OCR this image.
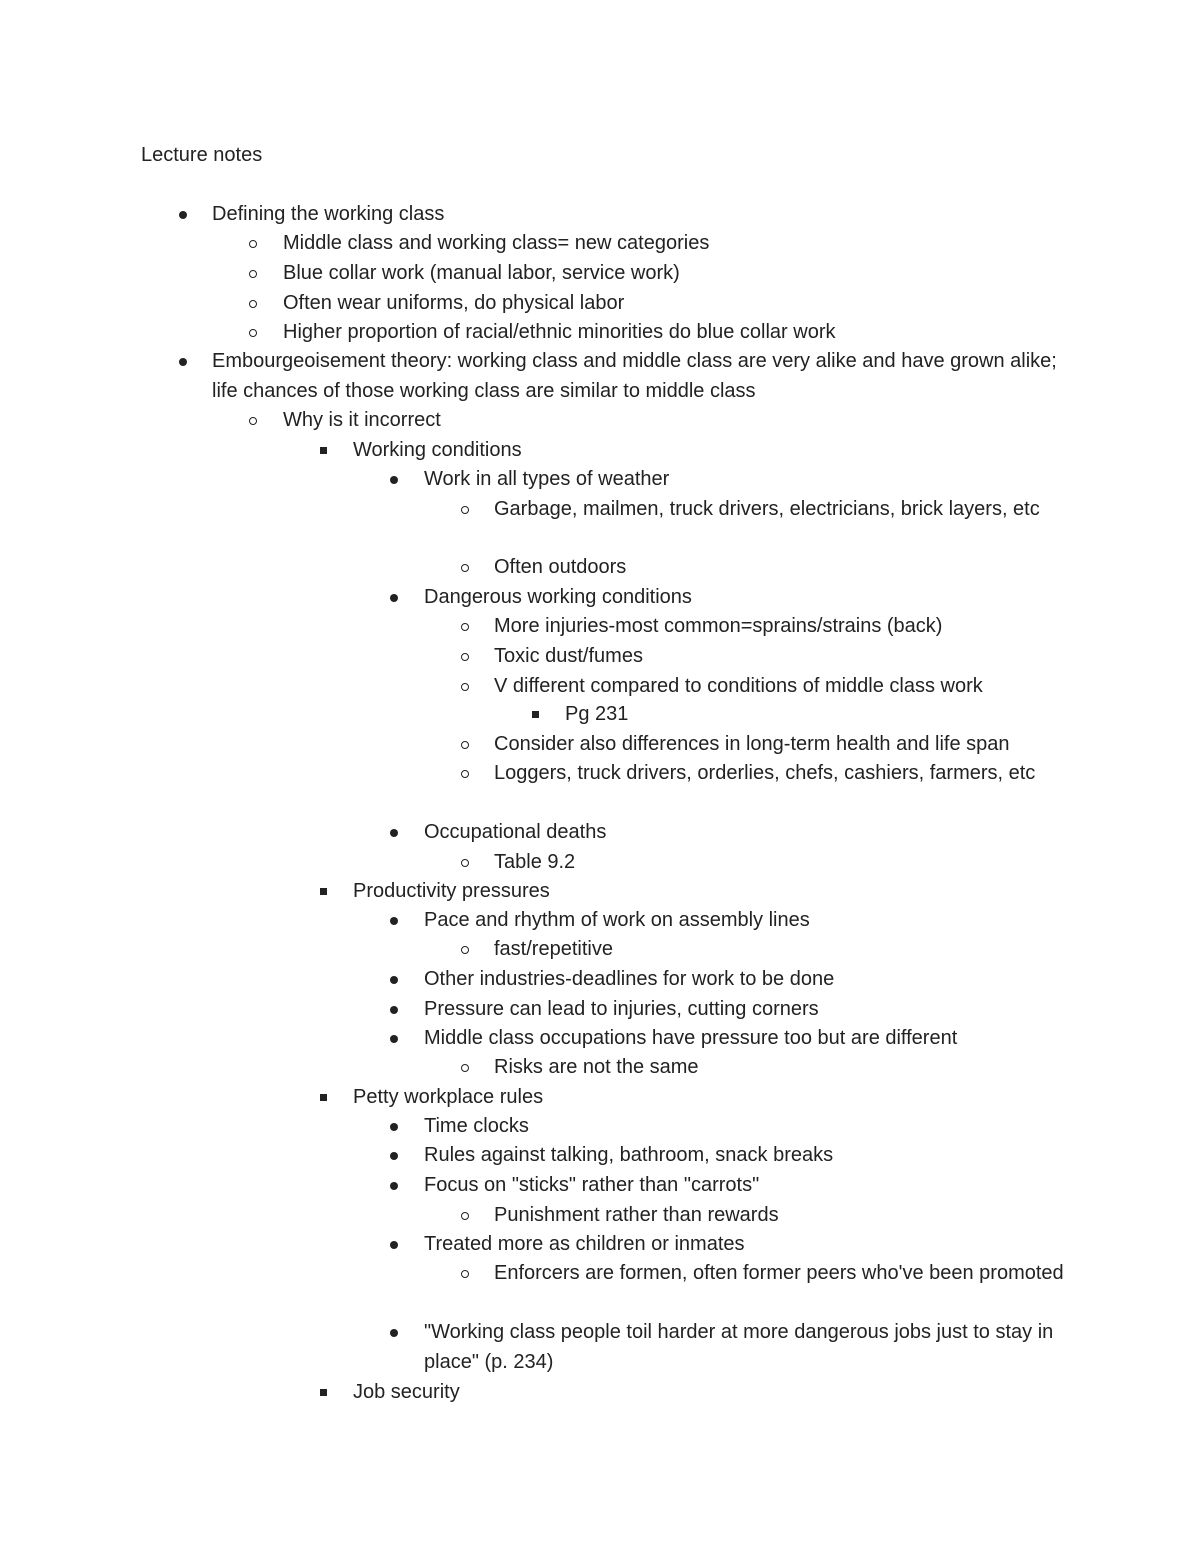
Lecture notes
Defining the working class
Middle class and working class= new categories
Blue collar work (manual labor, service work)
Often wear uniforms, do physical labor
Higher proportion of racial/ethnic minorities do blue collar work
Embourgeoisement theory: working class and middle class are very alike and have grown alike; life chances of those working class are similar to middle class
Why is it incorrect
Working conditions
Work in all types of weather
Garbage, mailmen, truck drivers, electricians, brick layers, etc
Often outdoors
Dangerous working conditions
More injuries-most common=sprains/strains (back)
Toxic dust/fumes
V different compared to conditions of middle class work
Pg 231
Consider also differences in long-term health and life span
Loggers, truck drivers, orderlies, chefs, cashiers, farmers, etc
Occupational deaths
Table 9.2
Productivity pressures
Pace and rhythm of work on assembly lines
fast/repetitive
Other industries-deadlines for work to be done
Pressure can lead to injuries, cutting corners
Middle class occupations have pressure too but are different
Risks are not the same
Petty workplace rules
Time clocks
Rules against talking, bathroom, snack breaks
Focus on "sticks" rather than "carrots"
Punishment rather than rewards
Treated more as children or inmates
Enforcers are formen, often former peers who've been promoted
"Working class people toil harder at more dangerous jobs just to stay in place" (p. 234)
Job security
